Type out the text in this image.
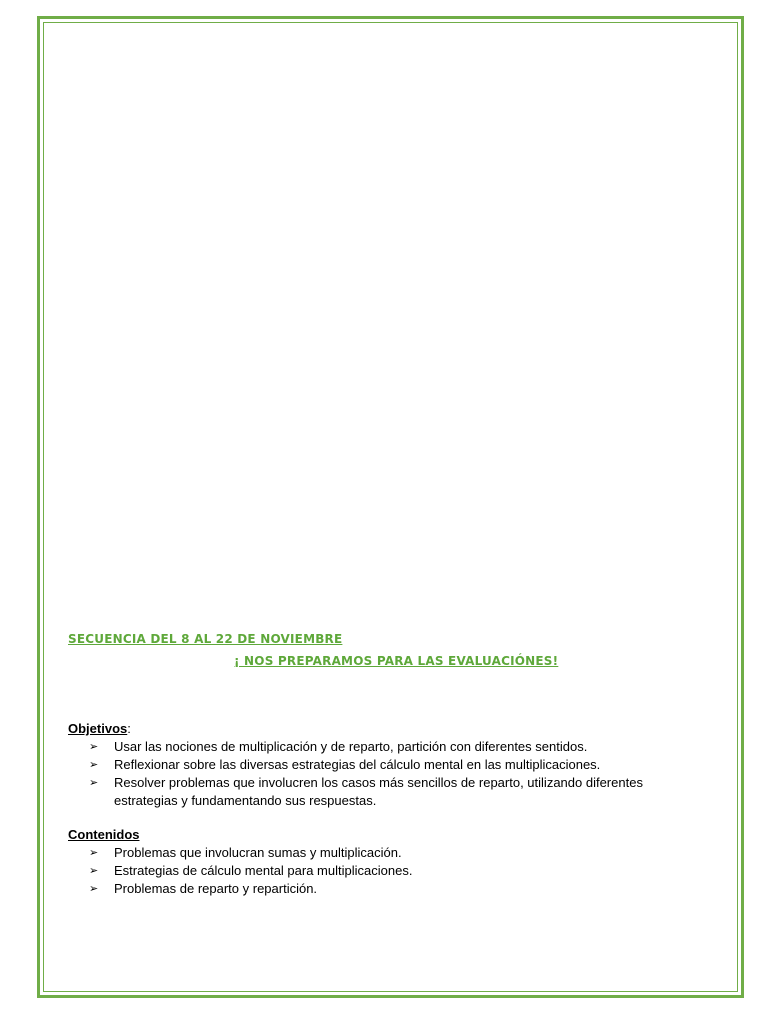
SECUENCIA DEL 8 AL 22 DE NOVIEMBRE

¡ NOS PREPARAMOS PARA LAS EVALUACIÓNES!

Objetivos:

➢ Usar las nociones de multiplicación y de reparto, partición con diferentes sentidos.
➢ Reflexionar sobre las diversas estrategias del cálculo mental en las multiplicaciones.
➢ Resolver problemas que involucren los casos más sencillos de reparto, utilizando diferentes estrategias y fundamentando sus respuestas.

Contenidos

➢ Problemas que involucran sumas y multiplicación.
➢ Estrategias de cálculo mental para multiplicaciones.
➢ Problemas de reparto y repartición.
